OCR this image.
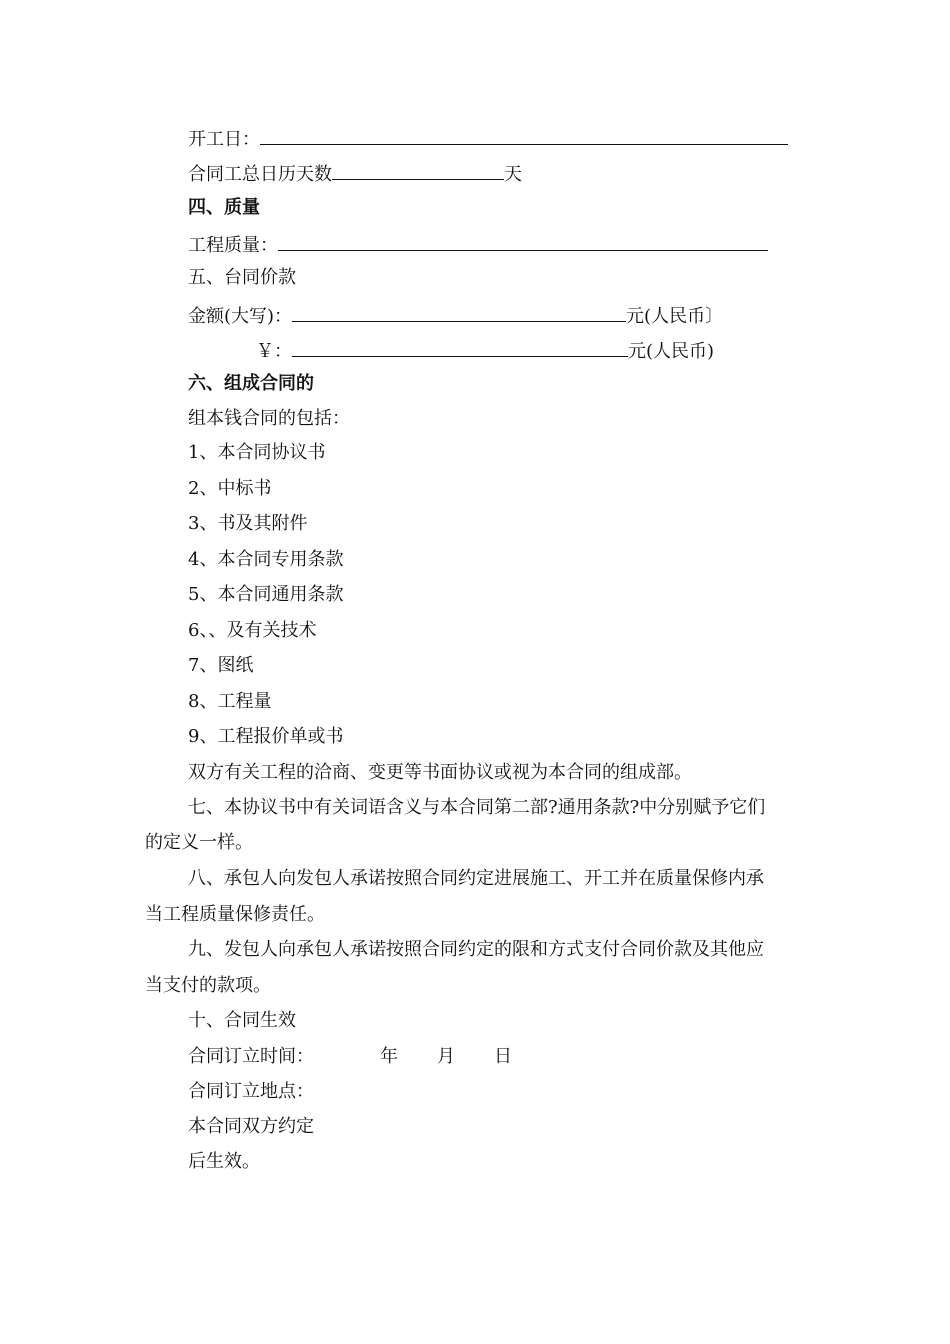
开工日：
合同工总日历天数	天
四、质量
工程质量：
五、台同价款
金额(大写)：	元(人民币〕
￥：	元(人民币)
六、组成合同的
组本钱合同的包括：
1、本合同协议书
2、中标书
3、书及其附件
4、本合同专用条款
5、本合同通用条款
6、、及有关技术
7、图纸
8、工程量
9、工程报价单或书
双方有关工程的洽商、变更等书面协议或视为本合同的组成部。
七、本协议书中有关词语含义与本合同第二部?通用条款?中分别赋予它们
的定义一样。
八、承包人向发包人承诺按照合同约定进展施工、开工并在质量保修内承
当工程质量保修责任。
九、发包人向承包人承诺按照合同约定的限和方式支付合同价款及其他应
当支付的款项。
十、合同生效
合同订立时间：	年 月 日
合同订立地点：
本合同双方约定
后生效。
